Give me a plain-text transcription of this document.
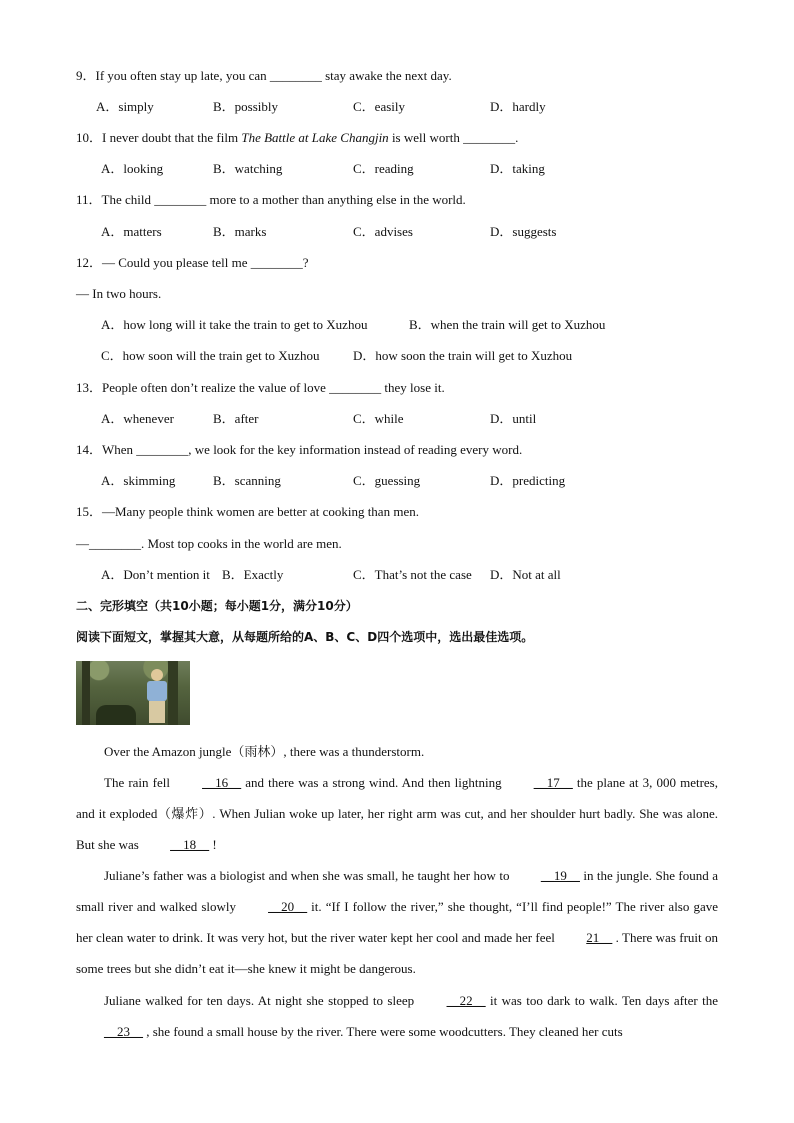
9．If you often stay up late, you can ________ stay awake the next day.
A．simply	B．possibly	C．easily	D．hardly
10．I never doubt that the film The Battle at Lake Changjin is well worth ________.
A．looking	B．watching	C．reading	D．taking
11．The child ________ more to a mother than anything else in the world.
A．matters	B．marks	C．advises	D．suggests
12．— Could you please tell me ________?
— In two hours.
A．how long will it take the train to get to Xuzhou	B．when the train will get to Xuzhou
C．how soon will the train get to Xuzhou	D．how soon the train will get to Xuzhou
13．People often don’t realize the value of love ________ they lose it.
A．whenever	B．after	C．while	D．until
14．When ________, we look for the key information instead of reading every word.
A．skimming	B．scanning	C．guessing	D．predicting
15．—Many people think women are better at cooking than men.
—________. Most top cooks in the world are men.
A．Don’t mention it B．Exactly	C．That’s not the case D．Not at all
二、完形填空（共10小题；每小题1分，满分10分）
阅读下面短文，掌握其大意，从每题所给的A、B、C、D四个选项中，选出最佳选项。
Over the Amazon jungle（雨林）, there was a thunderstorm.
The rain fell __16__ and there was a strong wind. And then lightning __17__ the plane at 3, 000 metres, and it exploded（爆炸）. When Julian woke up later, her right arm was cut, and her shoulder hurt badly. She was alone. But she was __18__ !
Juliane’s father was a biologist and when she was small, he taught her how to __19__ in the jungle. She found a small river and walked slowly __20__ it. “If I follow the river,” she thought, “I’ll find people!” The river also gave her clean water to drink. It was very hot, but the river water kept her cool and made her feel 21__ . There was fruit on some trees but she didn’t eat it—she knew it might be dangerous.
Juliane walked for ten days. At night she stopped to sleep __22__ it was too dark to walk. Ten days after the __23__ , she found a small house by the river. There were some woodcutters. They cleaned her cuts
